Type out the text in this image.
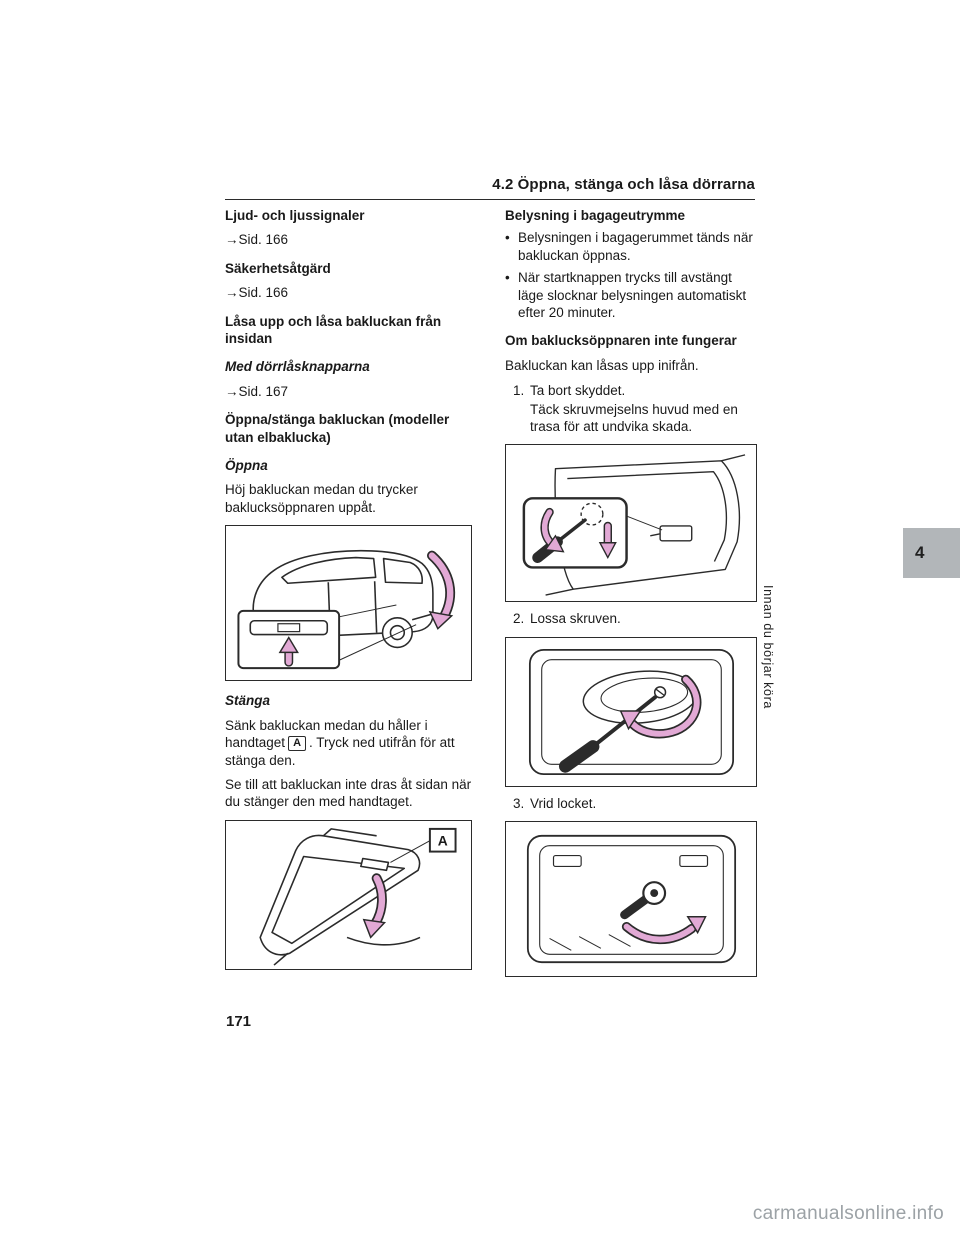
4.2 Öppna, stänga och låsa dörrarna

Ljud- och ljussignaler

→Sid. 166

Säkerhetsåtgärd

→Sid. 166

Låsa upp och låsa bakluckan från insidan

Med dörrlåsknapparna

→Sid. 167

Öppna/stänga bakluckan (modeller utan elbaklucka)

Öppna

Höj bakluckan medan du trycker baklucksöppnaren uppåt.

Stänga

Sänk bakluckan medan du håller i handtaget A . Tryck ned utifrån för att stänga den.

Se till att bakluckan inte dras åt sidan när du stänger den med handtaget.

A

Belysning i bagageutrymme

• Belysningen i bagagerummet tänds när bakluckan öppnas.

• När startknappen trycks till avstängt läge slocknar belysningen automatiskt efter 20 minuter.

Om baklucksöppnaren inte fungerar

Bakluckan kan låsas upp inifrån.

1. Ta bort skyddet.

Täck skruvmejselns huvud med en trasa för att undvika skada.

2. Lossa skruven.

3. Vrid locket.

4
Innan du börjar köra
171
carmanualsonline.info
